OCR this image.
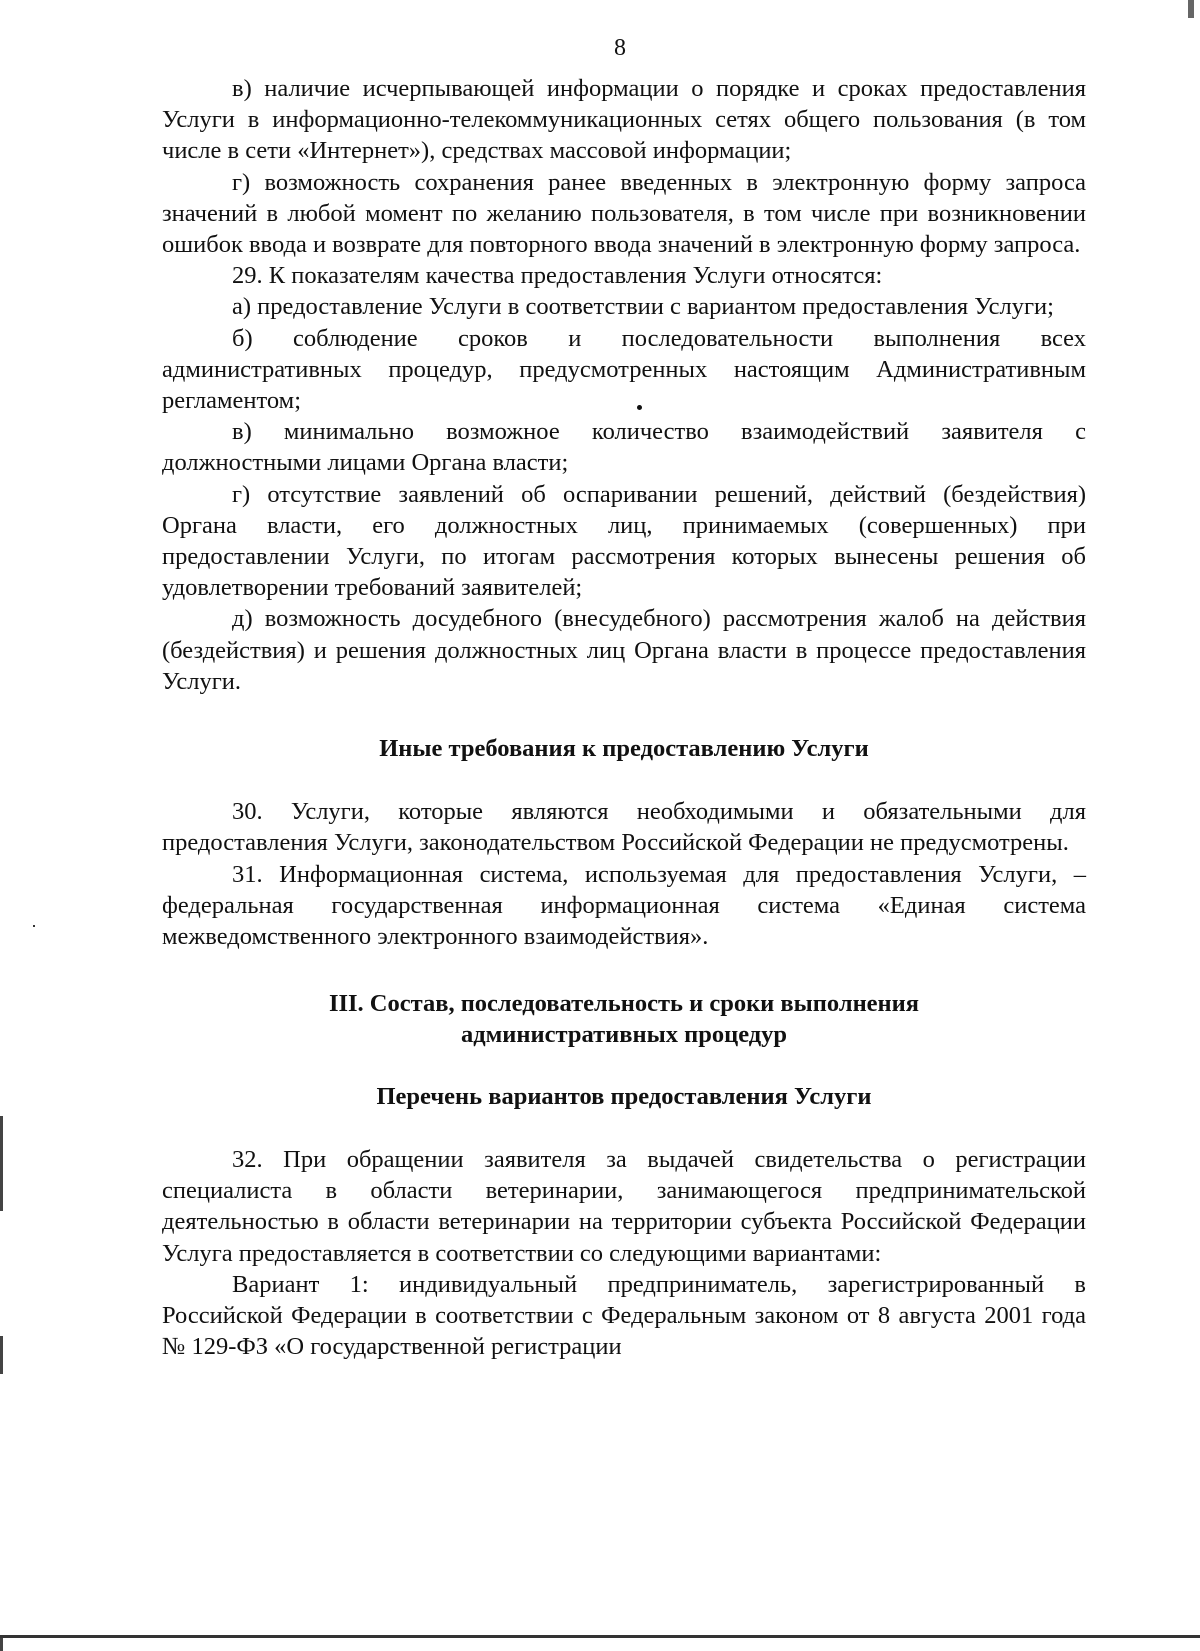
8

в) наличие исчерпывающей информации о порядке и сроках предоставления Услуги в информационно-телекоммуникационных сетях общего пользования (в том числе в сети «Интернет»), средствах массовой информации;

г) возможность сохранения ранее введенных в электронную форму запроса значений в любой момент по желанию пользователя, в том числе при возникновении ошибок ввода и возврате для повторного ввода значений в электронную форму запроса.

29. К показателям качества предоставления Услуги относятся:

а) предоставление Услуги в соответствии с вариантом предоставления Услуги;

б) соблюдение сроков и последовательности выполнения всех административных процедур, предусмотренных настоящим Административным регламентом;

в) минимально возможное количество взаимодействий заявителя с должностными лицами Органа власти;

г) отсутствие заявлений об оспаривании решений, действий (бездействия) Органа власти, его должностных лиц, принимаемых (совершенных) при предоставлении Услуги, по итогам рассмотрения которых вынесены решения об удовлетворении требований заявителей;

д) возможность досудебного (внесудебного) рассмотрения жалоб на действия (бездействия) и решения должностных лиц Органа власти в процессе предоставления Услуги.

Иные требования к предоставлению Услуги

30. Услуги, которые являются необходимыми и обязательными для предоставления Услуги, законодательством Российской Федерации не предусмотрены.

31. Информационная система, используемая для предоставления Услуги, – федеральная государственная информационная система «Единая система межведомственного электронного взаимодействия».

III. Состав, последовательность и сроки выполнения

административных процедур

Перечень вариантов предоставления Услуги

32. При обращении заявителя за выдачей свидетельства о регистрации специалиста в области ветеринарии, занимающегося предпринимательской деятельностью в области ветеринарии на территории субъекта Российской Федерации Услуга предоставляется в соответствии со следующими вариантами:

Вариант 1: индивидуальный предприниматель, зарегистрированный в Российской Федерации в соответствии с Федеральным законом от 8 августа 2001 года № 129-ФЗ «О государственной регистрации
